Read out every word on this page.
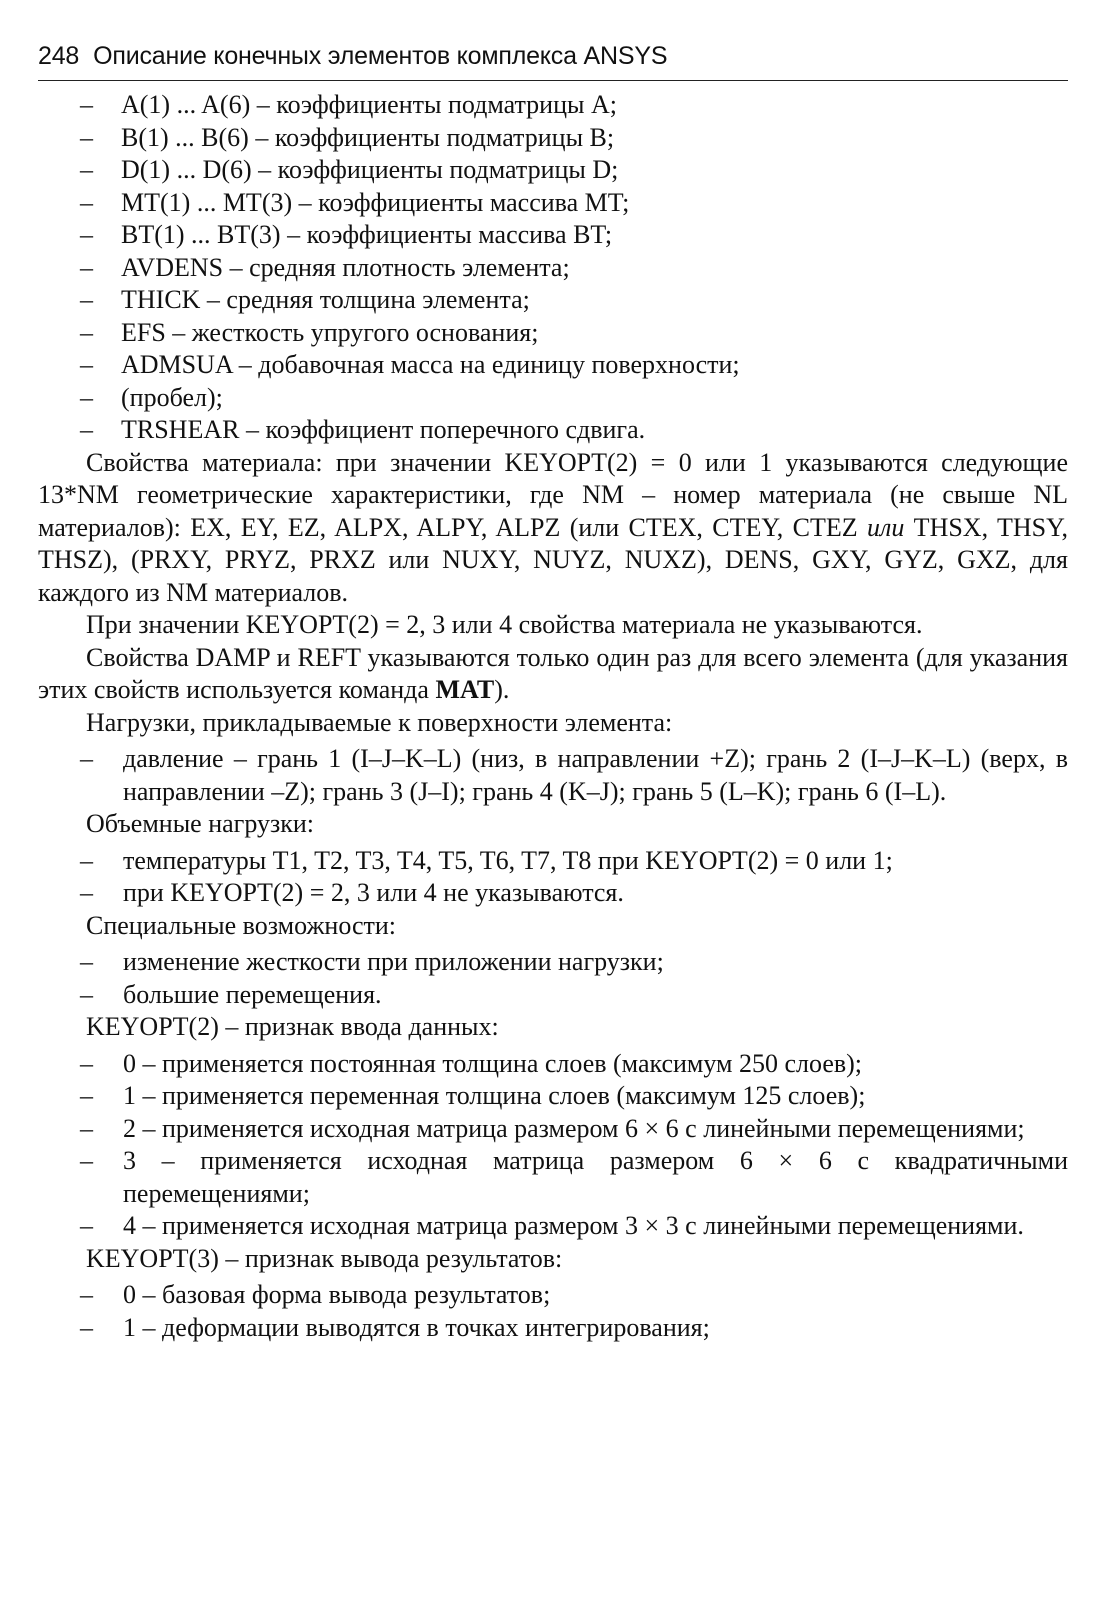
248 Описание конечных элементов комплекса ANSYS
– A(1) ... A(6) – коэффициенты подматрицы A;
– B(1) ... B(6) – коэффициенты подматрицы B;
– D(1) ... D(6) – коэффициенты подматрицы D;
– MT(1) ... MT(3) – коэффициенты массива MT;
– BT(1) ... BT(3) – коэффициенты массива BT;
– AVDENS – средняя плотность элемента;
– THICK – средняя толщина элемента;
– EFS – жесткость упругого основания;
– ADMSUA – добавочная масса на единицу поверхности;
– (пробел);
– TRSHEAR – коэффициент поперечного сдвига.

Свойства материала: при значении KEYOPT(2) = 0 или 1 указываются следующие 13*NM геометрические характеристики, где NM – номер материала (не свыше NL материалов): EX, EY, EZ, ALPX, ALPY, ALPZ (или CTEX, CTEY, CTEZ или THSX, THSY, THSZ), (PRXY, PRYZ, PRXZ или NUXY, NUYZ, NUXZ), DENS, GXY, GYZ, GXZ, для каждого из NM материалов.

При значении KEYOPT(2) = 2, 3 или 4 свойства материала не указываются.

Свойства DAMP и REFT указываются только один раз для всего элемента (для указания этих свойств используется команда MAT).

Нагрузки, прикладываемые к поверхности элемента:

– давление – грань 1 (I–J–K–L) (низ, в направлении +Z); грань 2 (I–J–K–L) (верх, в направлении –Z); грань 3 (J–I); грань 4 (K–J); грань 5 (L–K); грань 6 (I–L).

Объемные нагрузки:

– температуры T1, T2, T3, T4, T5, T6, T7, T8 при KEYOPT(2) = 0 или 1;
– при KEYOPT(2) = 2, 3 или 4 не указываются.

Специальные возможности:

– изменение жесткости при приложении нагрузки;
– большие перемещения.

KEYOPT(2) – признак ввода данных:

– 0 – применяется постоянная толщина слоев (максимум 250 слоев);
– 1 – применяется переменная толщина слоев (максимум 125 слоев);
– 2 – применяется исходная матрица размером 6 × 6 с линейными перемещениями;
– 3 – применяется исходная матрица размером 6 × 6 с квадратичными перемещениями;
– 4 – применяется исходная матрица размером 3 × 3 с линейными перемещениями.

KEYOPT(3) – признак вывода результатов:

– 0 – базовая форма вывода результатов;
– 1 – деформации выводятся в точках интегрирования;
